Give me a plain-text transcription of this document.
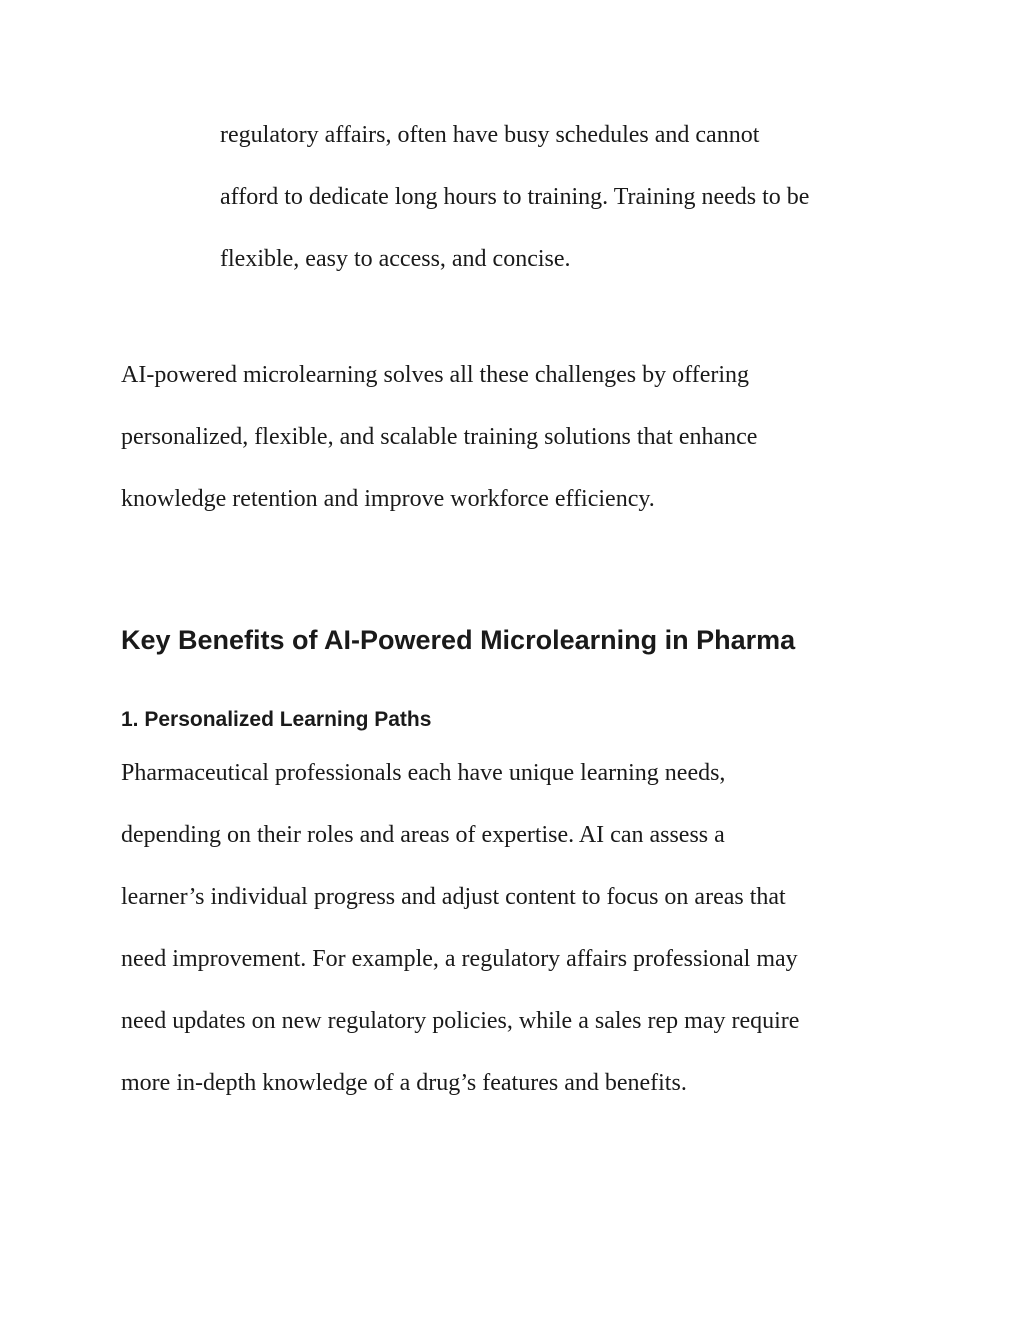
regulatory affairs, often have busy schedules and cannot

afford to dedicate long hours to training. Training needs to be

flexible, easy to access, and concise.

AI-powered microlearning solves all these challenges by offering

personalized, flexible, and scalable training solutions that enhance

knowledge retention and improve workforce efficiency.

Key Benefits of AI-Powered Microlearning in Pharma
1. Personalized Learning Paths

Pharmaceutical professionals each have unique learning needs,

depending on their roles and areas of expertise. AI can assess a

learner’s individual progress and adjust content to focus on areas that

need improvement. For example, a regulatory affairs professional may

need updates on new regulatory policies, while a sales rep may require

more in-depth knowledge of a drug’s features and benefits.
